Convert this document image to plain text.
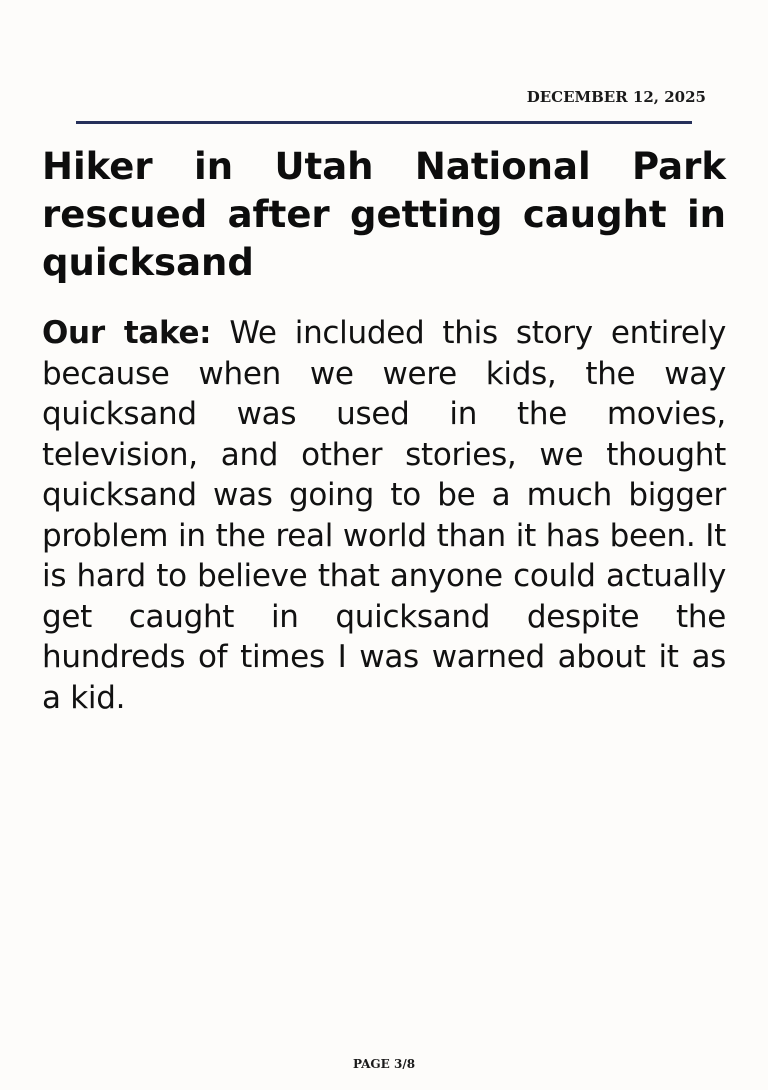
DECEMBER 12, 2025
Hiker in Utah National Park rescued after getting caught in quicksand

Our take: We included this story entirely because when we were kids, the way quicksand was used in the movies, television, and other stories, we thought quicksand was going to be a much bigger problem in the real world than it has been. It is hard to believe that anyone could actually get caught in quicksand despite the hundreds of times I was warned about it as a kid.

PAGE 3/8
